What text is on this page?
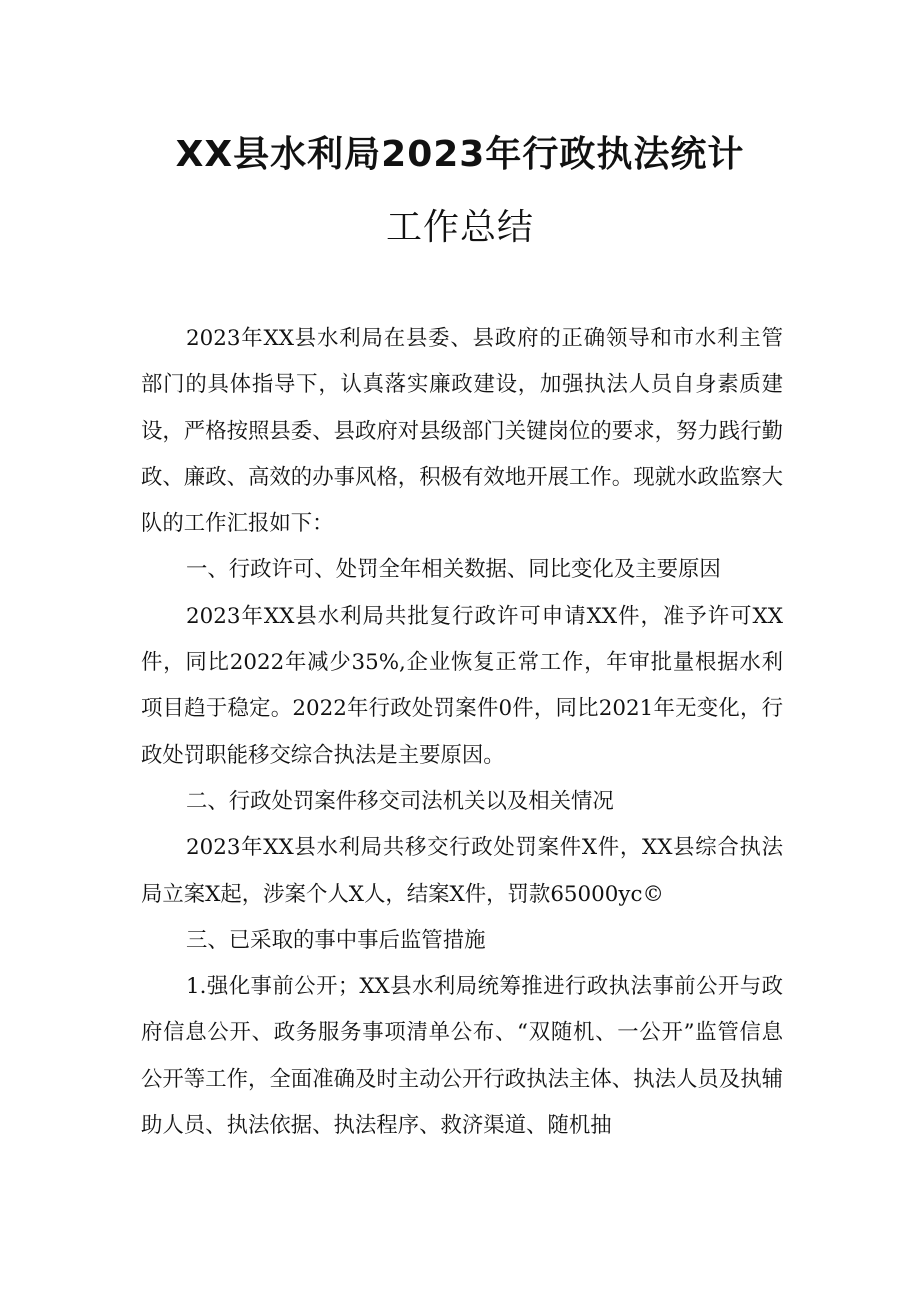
XX县水利局2023年行政执法统计
工作总结

2023年XX县水利局在县委、县政府的正确领导和市水利主管部门的具体指导下，认真落实廉政建设，加强执法人员自身素质建设，严格按照县委、县政府对县级部门关键岗位的要求，努力践行勤政、廉政、高效的办事风格，积极有效地开展工作。现就水政监察大队的工作汇报如下：

一、行政许可、处罚全年相关数据、同比变化及主要原因

2023年XX县水利局共批复行政许可申请XX件，准予许可XX件，同比2022年减少35%,企业恢复正常工作，年审批量根据水利项目趋于稳定。2022年行政处罚案件0件，同比2021年无变化，行政处罚职能移交综合执法是主要原因。

二、行政处罚案件移交司法机关以及相关情况

2023年XX县水利局共移交行政处罚案件X件，XX县综合执法局立案X起，涉案个人X人，结案X件，罚款65000yc©

三、已采取的事中事后监管措施

1.强化事前公开；XX县水利局统筹推进行政执法事前公开与政府信息公开、政务服务事项清单公布、“双随机、一公开”监管信息公开等工作，全面准确及时主动公开行政执法主体、执法人员及执辅助人员、执法依据、执法程序、救济渠道、随机抽
